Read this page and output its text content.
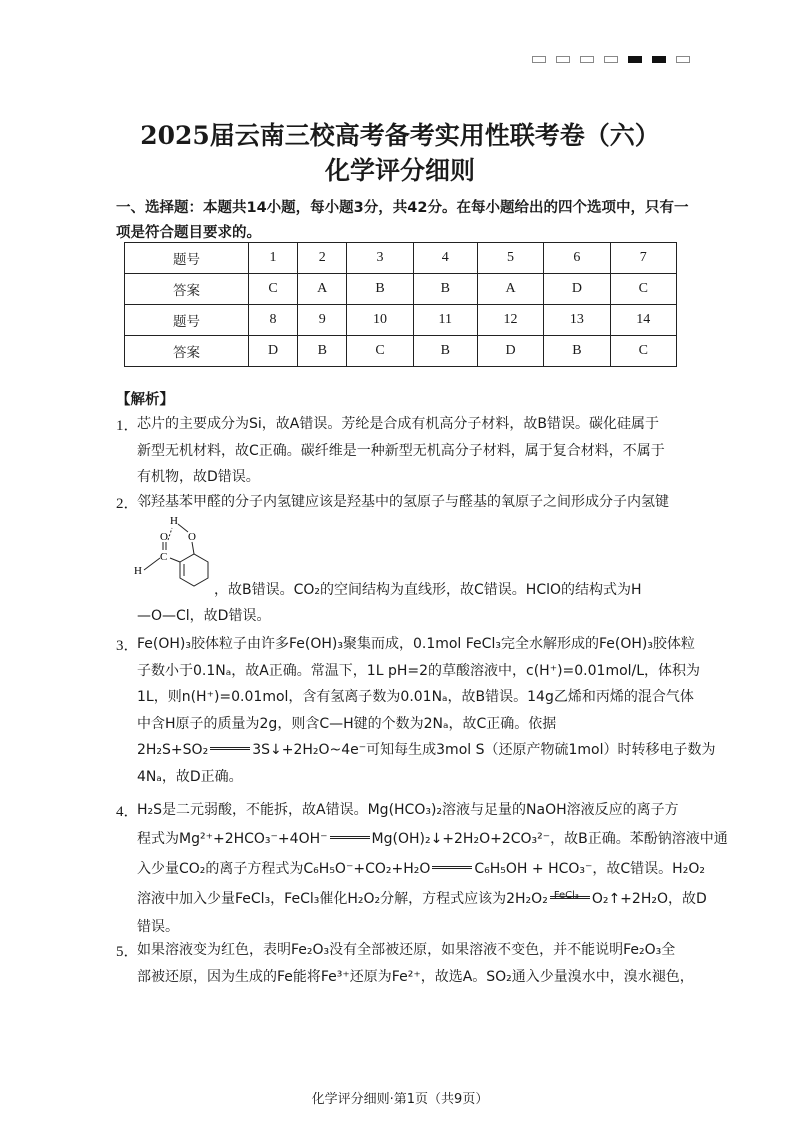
2025届云南三校高考备考实用性联考卷（六）
化学评分细则
一、选择题：本题共14小题，每小题3分，共42分。在每小题给出的四个选项中，只有一项是符合题目要求的。
题号	1	2	3	4	5	6	7
答案	C	A	B	B	A	D	C
题号	8	9	10	11	12	13	14
答案	D	B	C	B	D	B	C
【解析】
1．
芯片的主要成分为Si，故A错误。芳纶是合成有机高分子材料，故B错误。碳化硅属于
新型无机材料，故C正确。碳纤维是一种新型无机高分子材料，属于复合材料，不属于
有机物，故D错误。
2．
邻羟基苯甲醛的分子内氢键应该是羟基中的氢原子与醛基的氧原子之间形成分子内氢键
H
O O
C
H
，故B错误。CO₂的空间结构为直线形，故C错误。HClO的结构式为H
—O—Cl，故D错误。
3．
Fe(OH)₃胶体粒子由许多Fe(OH)₃聚集而成，0.1mol FeCl₃完全水解形成的Fe(OH)₃胶体粒
子数小于0.1Nₐ，故A正确。常温下，1L pH=2的草酸溶液中，c(H⁺)=0.01mol/L，体积为
1L，则n(H⁺)=0.01mol，含有氢离子数为0.01Nₐ，故B错误。14g乙烯和丙烯的混合气体
中含H原子的质量为2g，则含C—H键的个数为2Nₐ，故C正确。依据
2H₂S+SO₂	3S↓+2H₂O~4e⁻可知每生成3mol S（还原产物硫1mol）时转移电子数为
4Nₐ，故D正确。
4．
H₂S是二元弱酸，不能拆，故A错误。Mg(HCO₃)₂溶液与足量的NaOH溶液反应的离子方
程式为Mg²⁺+2HCO₃⁻+4OH⁻	Mg(OH)₂↓+2H₂O+2CO₃²⁻，故B正确。苯酚钠溶液中通
入少量CO₂的离子方程式为C₆H₅O⁻+CO₂+H₂O	C₆H₅OH + HCO₃⁻，故C错误。H₂O₂
溶液中加入少量FeCl₃，FeCl₃催化H₂O₂分解，方程式应该为2H₂O₂ FeCl₃ O₂↑+2H₂O，故D
错误。
5．
如果溶液变为红色，表明Fe₂O₃没有全部被还原，如果溶液不变色，并不能说明Fe₂O₃全
部被还原，因为生成的Fe能将Fe³⁺还原为Fe²⁺，故选A。SO₂通入少量溴水中，溴水褪色，
化学评分细则·第1页（共9页）
